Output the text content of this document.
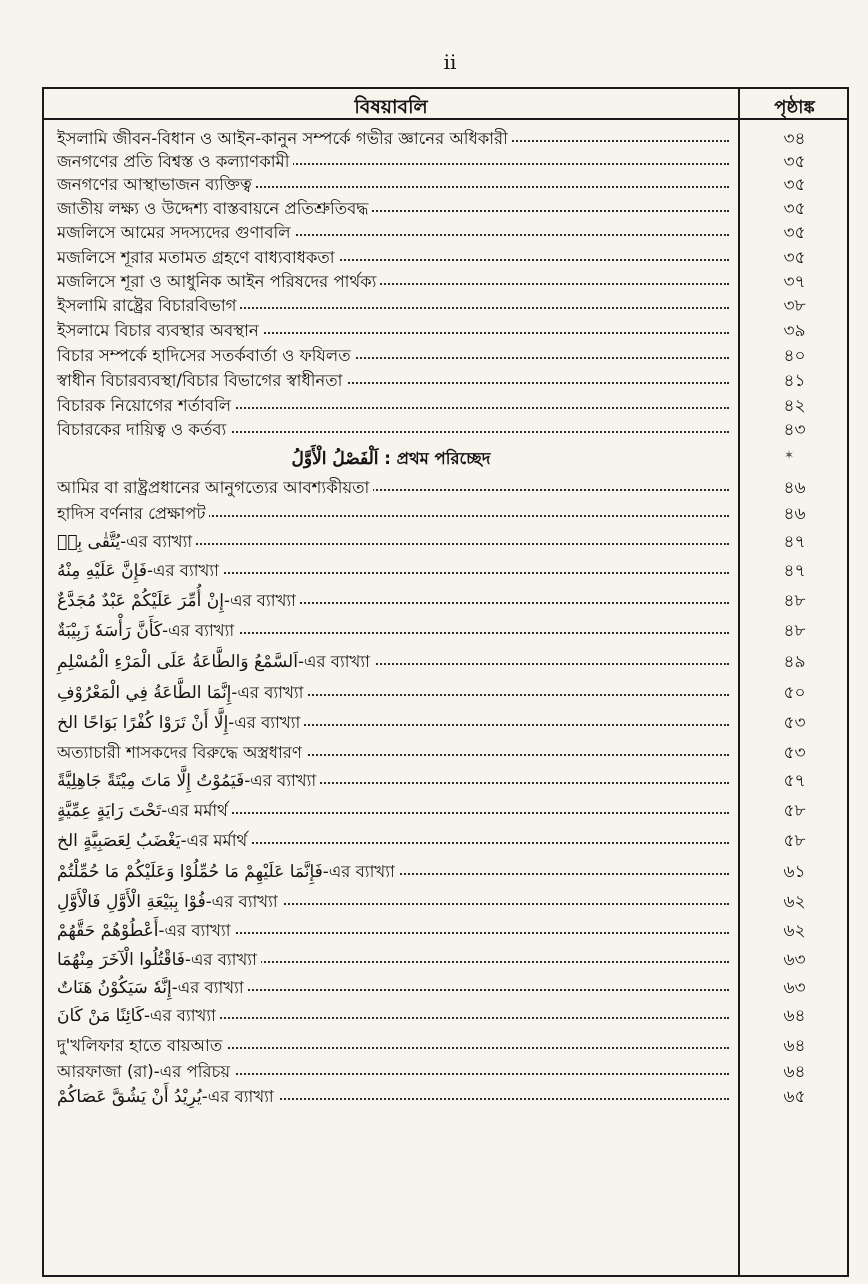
ii
বিষয়াবলি	পৃষ্ঠাঙ্ক
ইসলামি জীবন-বিধান ও আইন-কানুন সম্পর্কে গভীর জ্ঞানের অধিকারী	৩৪
জনগণের প্রতি বিশ্বস্ত ও কল্যাণকামী	৩৫
জনগণের আস্থাভাজন ব্যক্তিত্ব	৩৫
জাতীয় লক্ষ্য ও উদ্দেশ্য বাস্তবায়নে প্রতিশ্রুতিবদ্ধ	৩৫
মজলিসে আমের সদস্যদের গুণাবলি	৩৫
মজলিসে শূরার মতামত গ্রহণে বাধ্যবাধকতা	৩৫
মজলিসে শূরা ও আধুনিক আইন পরিষদের পার্থক্য	৩৭
ইসলামি রাষ্ট্রের বিচারবিভাগ	৩৮
ইসলামে বিচার ব্যবস্থার অবস্থান	৩৯
বিচার সম্পর্কে হাদিসের সতর্কবার্তা ও ফযিলত	৪০
স্বাধীন বিচারব্যবস্থা/বিচার বিভাগের স্বাধীনতা	৪১
বিচারক নিয়োগের শর্তাবলি	৪২
বিচারকের দায়িত্ব ও কর্তব্য	৪৩
اَلْفَصْلُ الْأَوَّلُ : প্রথম পরিচ্ছেদ	✶
আমির বা রাষ্ট্রপ্রধানের আনুগত্যের আবশ্যকীয়তা	৪৬
হাদিস বর্ণনার প্রেক্ষাপট	৪৬
يُتَّقٰى بِهٖ-এর ব্যাখ্যা	৪৭
فَإِنَّ عَلَيْهِ مِنْهُ-এর ব্যাখ্যা	৪৭
إِنْ أُمِّرَ عَلَيْكُمْ عَبْدٌ مُجَدَّعٌ-এর ব্যাখ্যা	৪৮
كَأَنَّ رَأْسَهٗ زَبِيْبَةٌ-এর ব্যাখ্যা	৪৮
اَلسَّمْعُ وَالطَّاعَةُ عَلَى الْمَرْءِ الْمُسْلِمِ-এর ব্যাখ্যা	৪৯
إِنَّمَا الطَّاعَةُ فِي الْمَعْرُوْفِ-এর ব্যাখ্যা	৫০
إِلَّا أَنْ تَرَوْا كُفْرًا بَوَاحًا الخ-এর ব্যাখ্যা	৫৩
অত্যাচারী শাসকদের বিরুদ্ধে অস্ত্রধারণ	৫৩
فَيَمُوْتُ إِلَّا مَاتَ مِيْتَةً جَاهِلِيَّةً-এর ব্যাখ্যা	৫৭
تَحْتَ رَايَةٍ عِمِّيَّةٍ-এর মর্মার্থ	৫৮
يَغْضَبُ لِعَصَبِيَّةٍ الخ-এর মর্মার্থ	৫৮
فَإِنَّمَا عَلَيْهِمْ مَا حُمِّلُوْا وَعَلَيْكُمْ مَا حُمِّلْتُمْ-এর ব্যাখ্যা	৬১
فُوْا بِبَيْعَةِ الْأَوَّلِ فَالْأَوَّلِ-এর ব্যাখ্যা	৬২
أَعْطُوْهُمْ حَقَّهُمْ-এর ব্যাখ্যা	৬২
فَاقْتُلُوا الْآخَرَ مِنْهُمَا-এর ব্যাখ্যা	৬৩
إِنَّهٗ سَيَكُوْنُ هَنَاتٌ-এর ব্যাখ্যা	৬৩
كَائِنًا مَنْ كَانَ-এর ব্যাখ্যা	৬৪
দু'খলিফার হাতে বায়আত	৬৪
আরফাজা (রা)-এর পরিচয়	৬৪
يُرِيْدُ أَنْ يَشُقَّ عَصَاكُمْ-এর ব্যাখ্যা	৬৫
